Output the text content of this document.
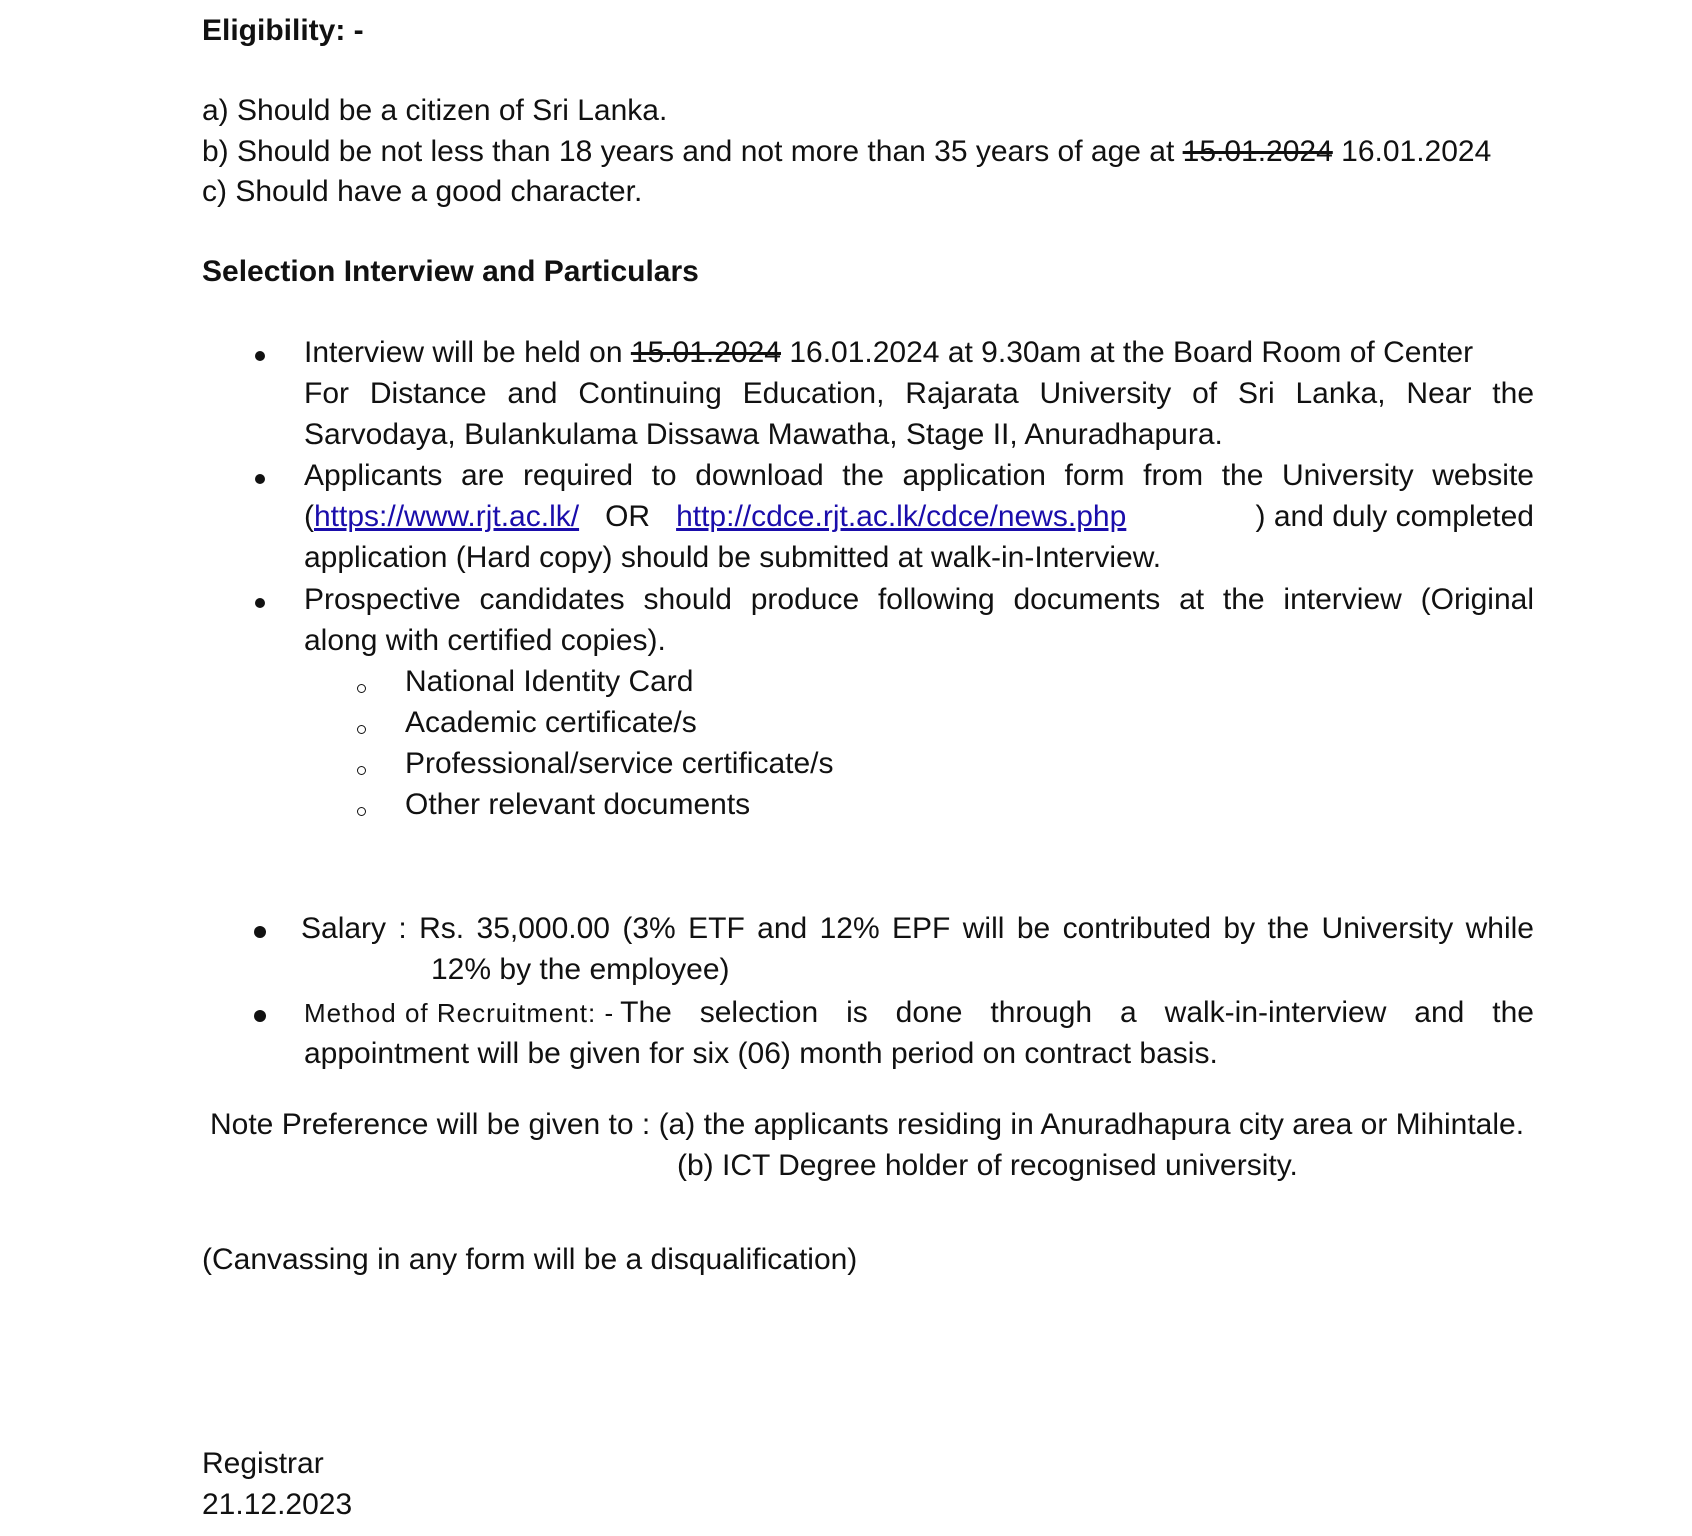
Eligibility: -
a) Should be a citizen of Sri Lanka.
b) Should be not less than 18 years and not more than 35 years of age at 15.01.2024 16.01.2024
c) Should have a good character.
Selection Interview and Particulars
Interview will be held on 15.01.2024 16.01.2024 at 9.30am at the Board Room of Center
For Distance and Continuing Education, Rajarata University of Sri Lanka, Near the
Sarvodaya, Bulankulama Dissawa Mawatha, Stage II, Anuradhapura.
Applicants are required to download the application form from the University website
(https://www.rjt.ac.lk/ OR http://cdce.rjt.ac.lk/cdce/news.php	) and duly completed
application (Hard copy) should be submitted at walk-in-Interview.
Prospective candidates should produce following documents at the interview (Original
along with certified copies).
National Identity Card
Academic certificate/s
Professional/service certificate/s
Other relevant documents
Salary : Rs. 35,000.00 (3% ETF and 12% EPF will be contributed by the University while
12% by the employee)
Method of Recruitment: - The selection is done through a walk-in-interview and the
appointment will be given for six (06) month period on contract basis.
Note Preference will be given to : (a) the applicants residing in Anuradhapura city area or Mihintale.
(b) ICT Degree holder of recognised university.
(Canvassing in any form will be a disqualification)
Registrar
21.12.2023
